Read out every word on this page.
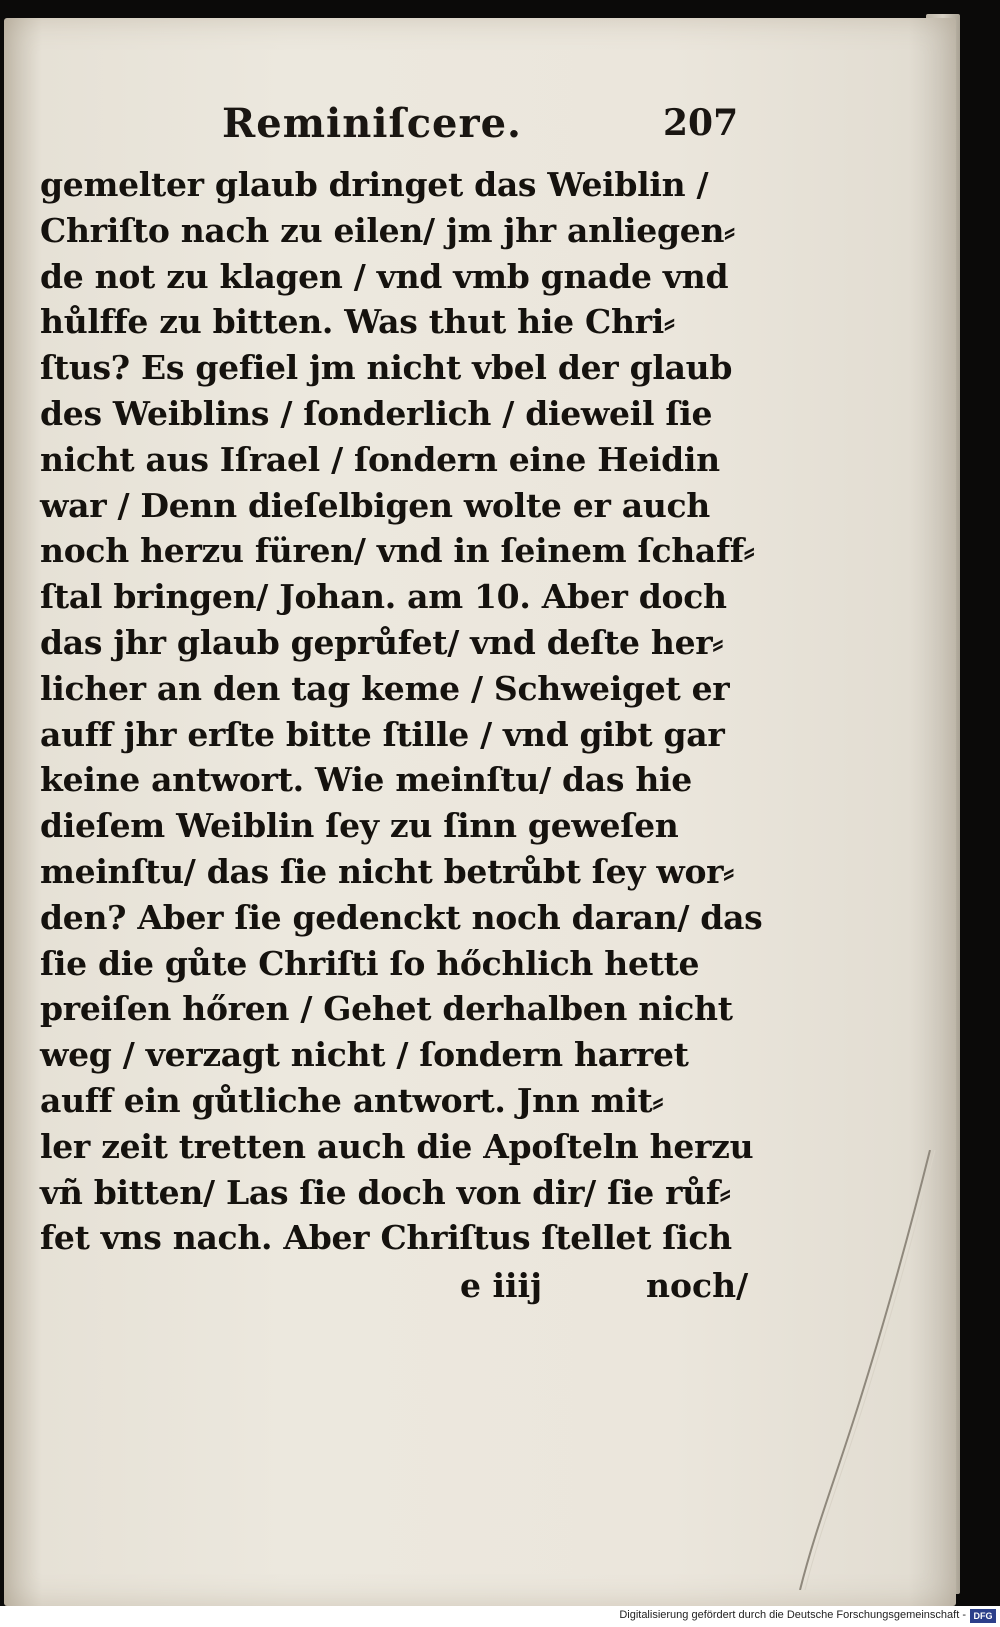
Reminiſcere.	207
gemelter glaub dringet das Weiblin /
Chriſto nach zu eilen/ jm jhr anliegen⸗
de not zu klagen / vnd vmb gnade vnd
hůlffe zu bitten. Was thut hie Chri⸗
ſtus? Es gefiel jm nicht vbel der glaub
des Weiblins / ſonderlich / dieweil ſie
nicht aus Iſrael / ſondern eine Heidin
war / Denn dieſelbigen wolte er auch
noch herzu füren/ vnd in ſeinem ſchaff⸗
ſtal bringen/ Johan. am 10. Aber doch
das jhr glaub geprůfet/ vnd deſte her⸗
licher an den tag keme / Schweiget er
auff jhr erſte bitte ſtille / vnd gibt gar
keine antwort. Wie meinſtu/ das hie
dieſem Weiblin ſey zu ſinn geweſen
meinſtu/ das ſie nicht betrůbt ſey wor⸗
den? Aber ſie gedenckt noch daran/ das
ſie die gůte Chriſti ſo hőchlich hette
preiſen hőren / Gehet derhalben nicht
weg / verzagt nicht / ſondern harret
auff ein gůtliche antwort. Jnn mit⸗
ler zeit tretten auch die Apoſteln herzu
vñ bitten/ Las ſie doch von dir/ ſie růf⸗
fet vns nach. Aber Chriſtus ſtellet ſich
e iiij	noch/
Digitalisierung gefördert durch die Deutsche Forschungsgemeinschaft - DFG
